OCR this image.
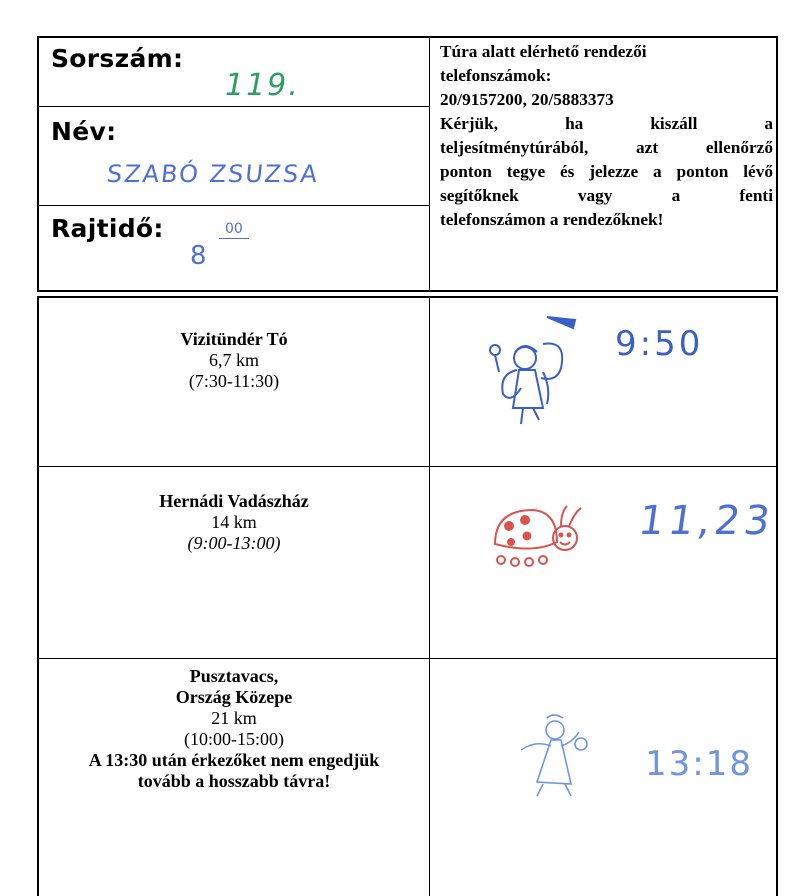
Sorszám:
119.
Név:
SZABÓ ZSUZSA
Rajtidő:
8
00
Túra alatt elérhető rendezői
telefonszámok:
20/9157200, 20/5883373
Kérjük, ha kiszáll a
teljesítménytúrából, azt ellenőrző
ponton tegye és jelezze a ponton lévő
segítőknek vagy a fenti
telefonszámon a rendezőknek!
Vizitündér Tó
6,7 km
(7:30-11:30)
9:50
Hernádi Vadászház
14 km
(9:00-13:00)	11,23
Pusztavacs,
Ország Közepe
21 km
(10:00-15:00)
A 13:30 után érkezőket nem engedjük
tovább a hosszabb távra!	13:18
